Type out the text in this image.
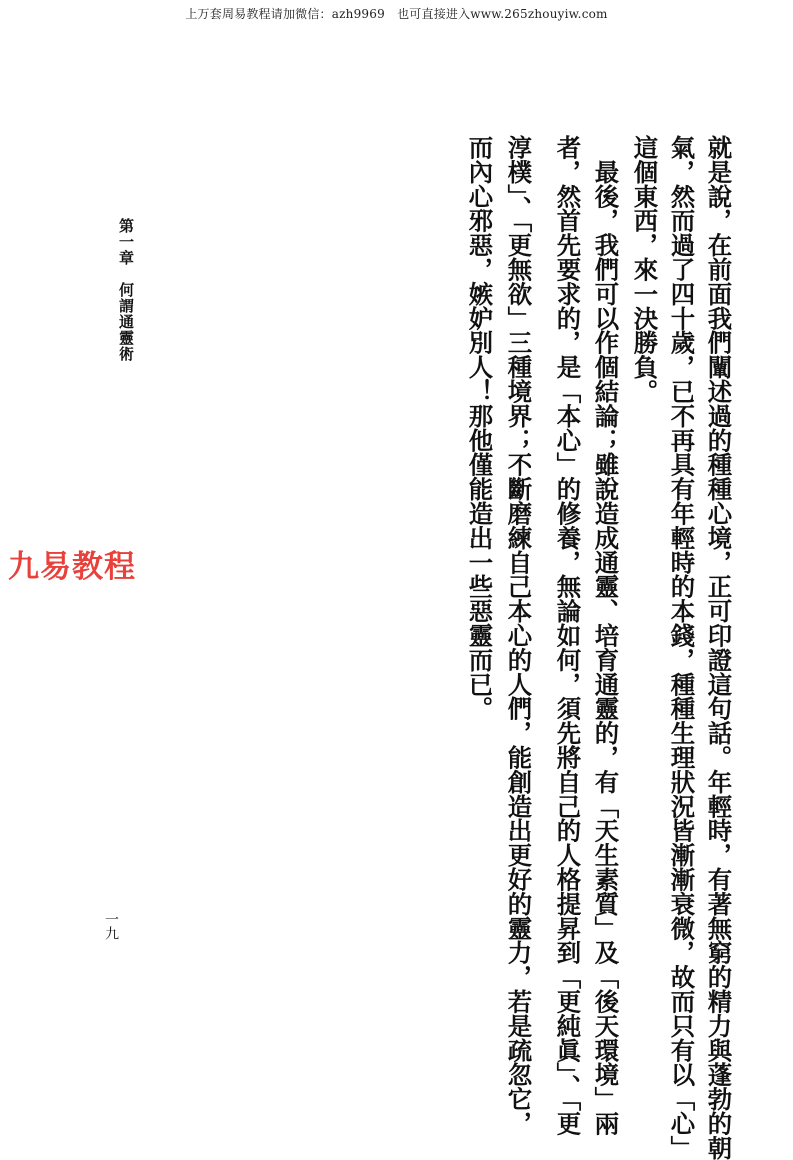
上万套周易教程请加微信：azh9969　也可直接进入www.265zhouyiw.com
就是說，在前面我們闡述過的種種心境，正可印證這句話。年輕時，有著無窮的精力與蓬勃的朝
氣，然而過了四十歲，已不再具有年輕時的本錢，種種生理狀況皆漸漸衰微，故而只有以「心」
這個東西，來一決勝負。
　最後，我們可以作個結論；雖說造成通靈、培育通靈的，有「天生素質」及「後天環境」兩
者，然首先要求的，是「本心」的修養，無論如何，須先將自己的人格提昇到「更純眞」、「更
淳樸」、「更無欲」三種境界；不斷磨練自己本心的人們，能創造出更好的靈力，若是疏忽它，
而內心邪惡，嫉妒別人！那他僅能造出一些惡靈而已。
第一章　何謂通靈術
九易教程
一九
